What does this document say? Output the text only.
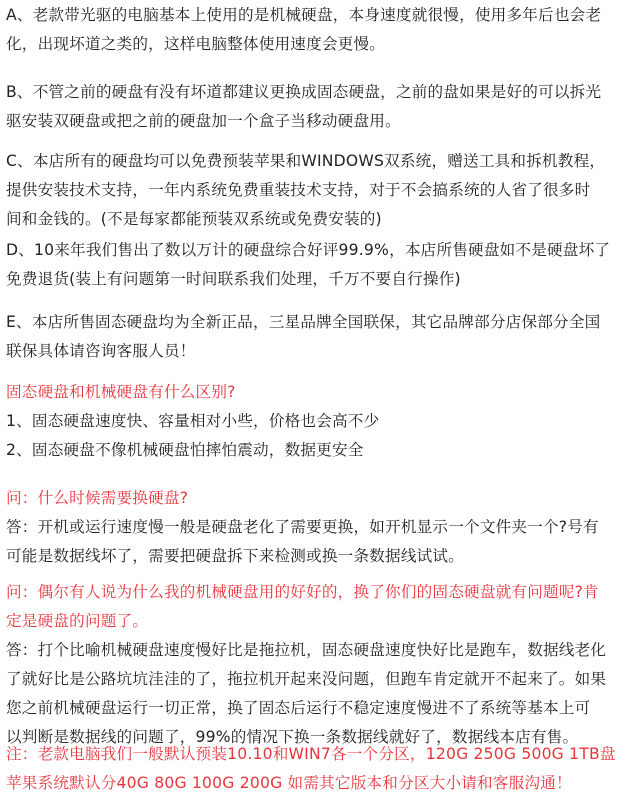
A、老款带光驱的电脑基本上使用的是机械硬盘，本身速度就很慢，使用多年后也会老
化，出现坏道之类的，这样电脑整体使用速度会更慢。
B、不管之前的硬盘有没有坏道都建议更换成固态硬盘，之前的盘如果是好的可以拆光
驱安装双硬盘或把之前的硬盘加一个盒子当移动硬盘用。
C、本店所有的硬盘均可以免费预装苹果和WINDOWS双系统，赠送工具和拆机教程，
提供安装技术支持，一年内系统免费重装技术支持，对于不会搞系统的人省了很多时
间和金钱的。(不是每家都能预装双系统或免费安装的)
D、10来年我们售出了数以万计的硬盘综合好评99.9%，本店所售硬盘如不是硬盘坏了
免费退货(装上有问题第一时间联系我们处理，千万不要自行操作)
E、本店所售固态硬盘均为全新正品，三星品牌全国联保，其它品牌部分店保部分全国
联保具体请咨询客服人员！
固态硬盘和机械硬盘有什么区别?
1、固态硬盘速度快、容量相对小些，价格也会高不少
2、固态硬盘不像机械硬盘怕摔怕震动，数据更安全
问：什么时候需要换硬盘?
答：开机或运行速度慢一般是硬盘老化了需要更换，如开机显示一个文件夹一个?号有
可能是数据线坏了，需要把硬盘拆下来检测或换一条数据线试试。
问：偶尔有人说为什么我的机械硬盘用的好好的，换了你们的固态硬盘就有问题呢?肯
定是硬盘的问题了。
答：打个比喻机械硬盘速度慢好比是拖拉机，固态硬盘速度快好比是跑车，数据线老化
了就好比是公路坑坑洼洼的了，拖拉机开起来没问题，但跑车肯定就开不起来了。如果
您之前机械硬盘运行一切正常，换了固态后运行不稳定速度慢进不了系统等基本上可
以判断是数据线的问题了，99%的情况下换一条数据线就好了，数据线本店有售。
注：老款电脑我们一般默认预装10.10和WIN7各一个分区，120G 250G 500G 1TB盘
苹果系统默认分40G 80G 100G 200G 如需其它版本和分区大小请和客服沟通！
